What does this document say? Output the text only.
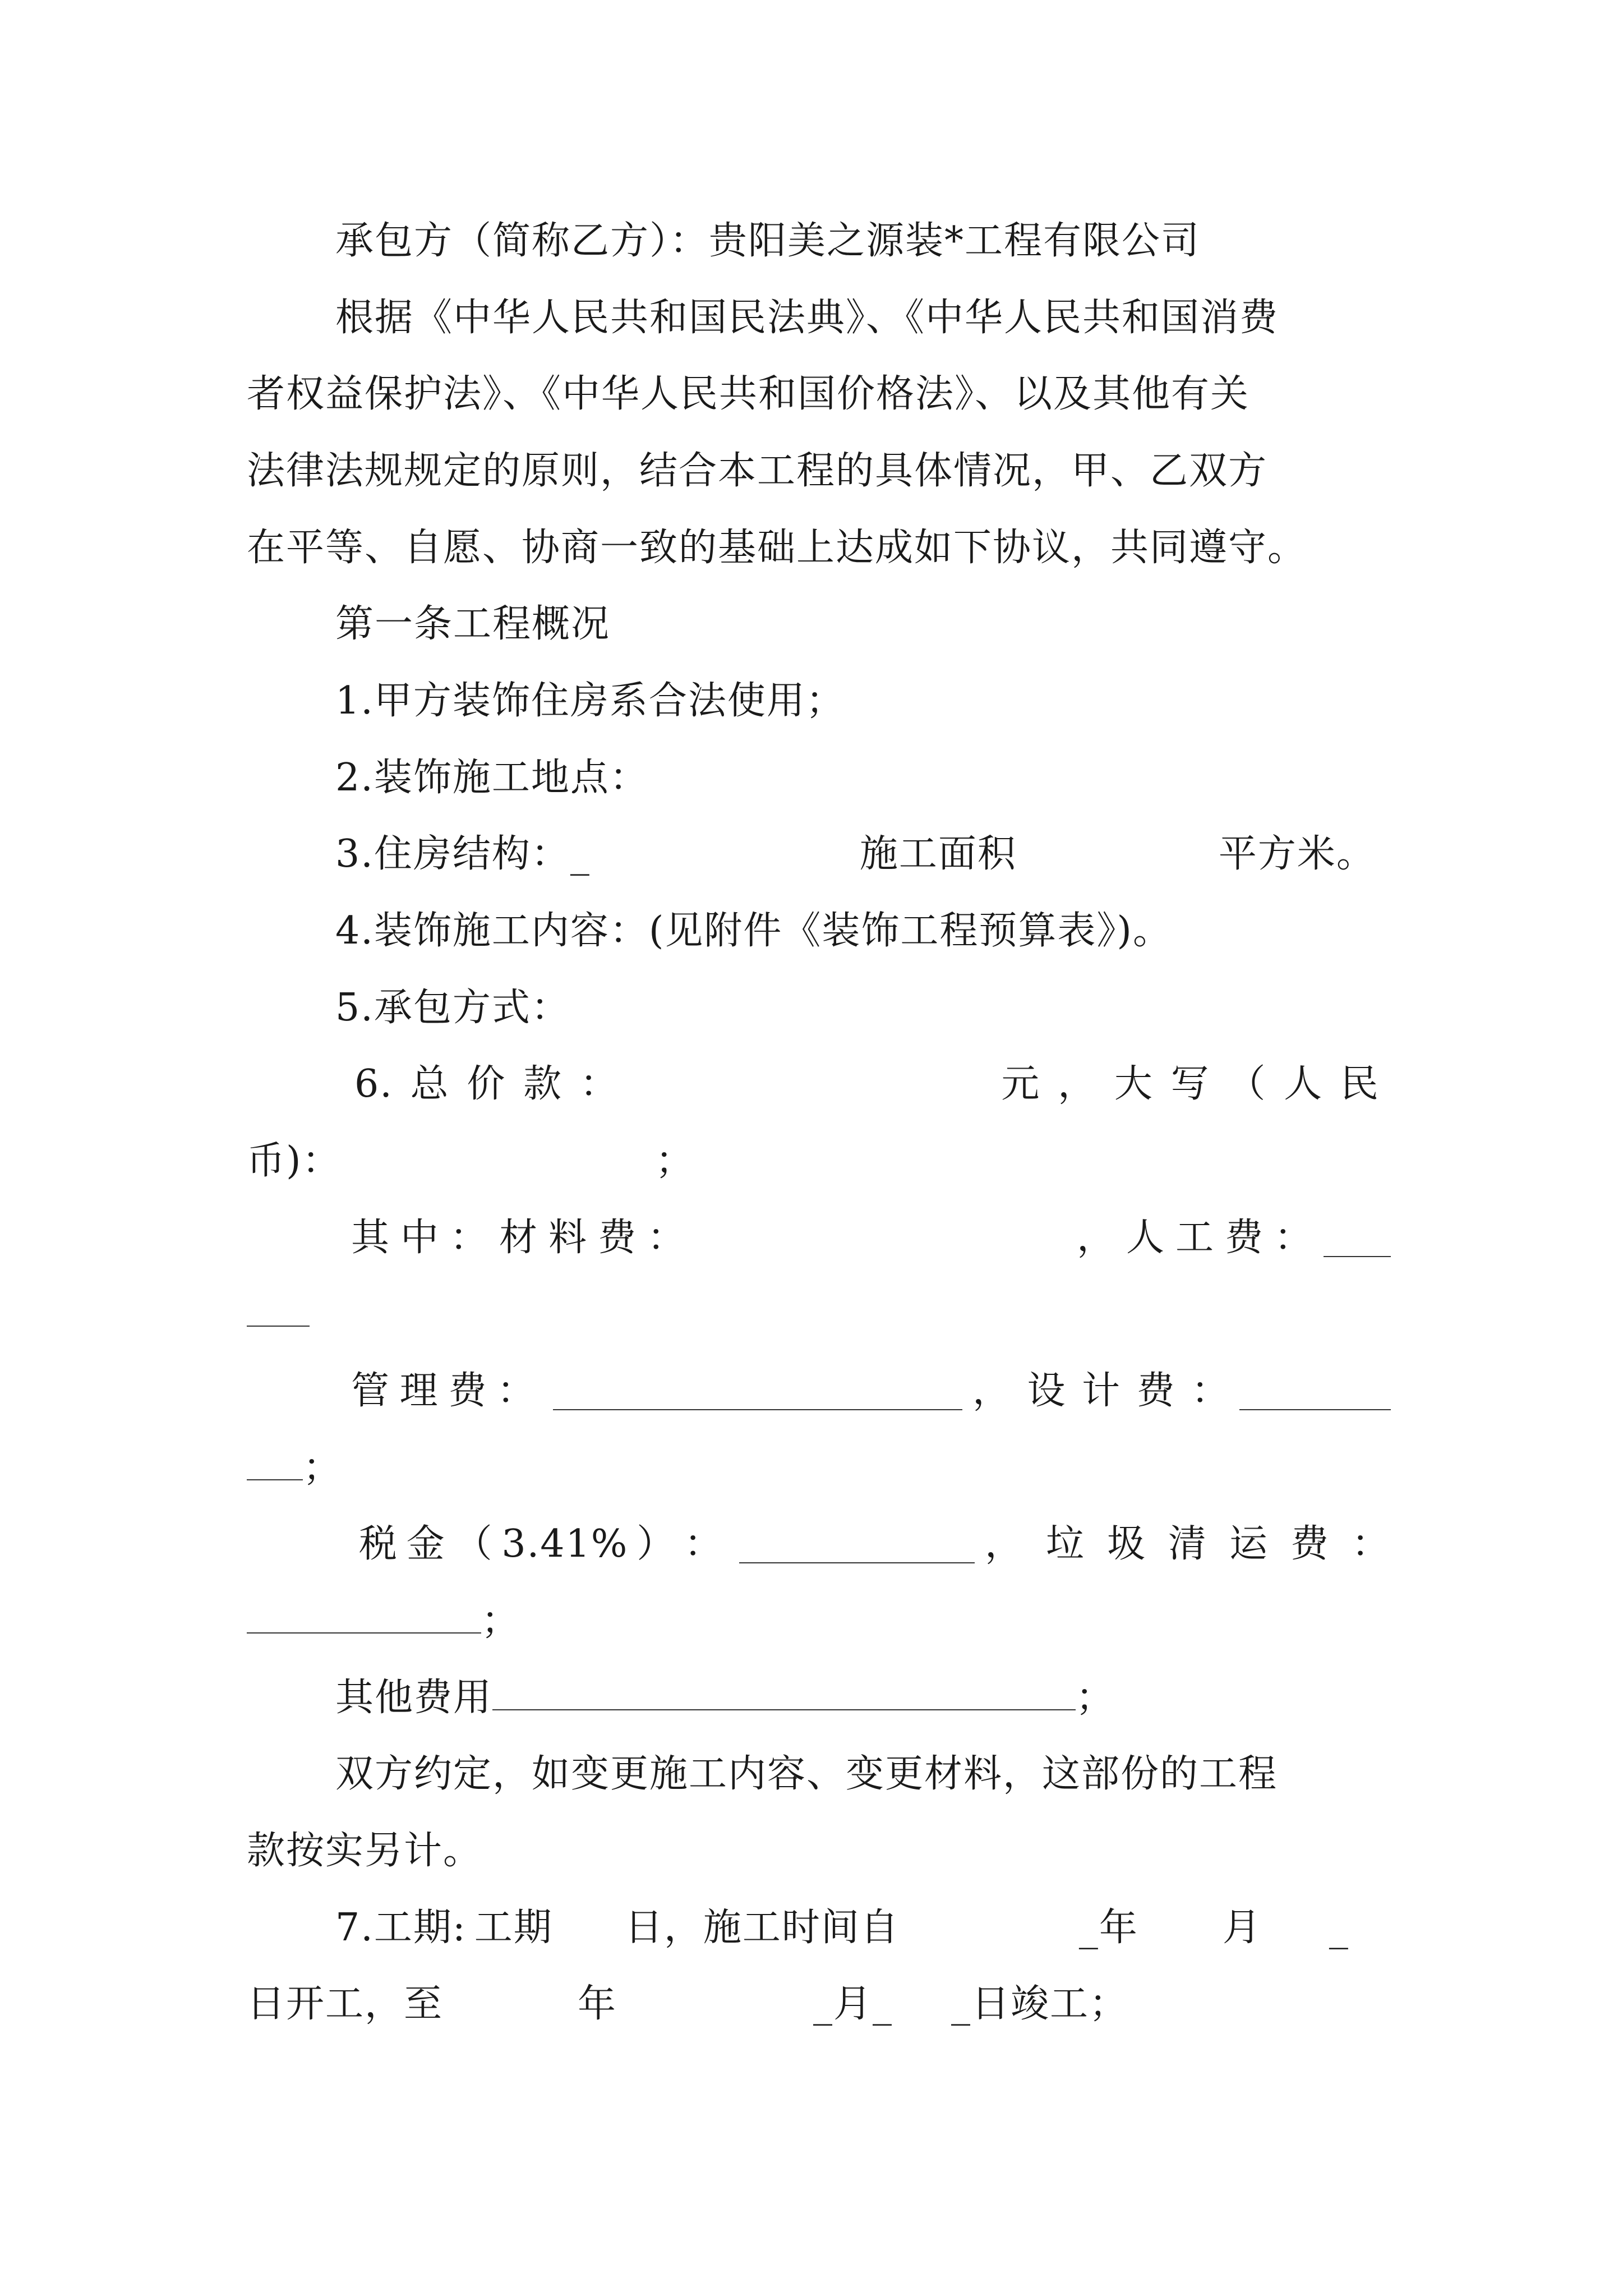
承包方（简称乙方）：贵阳美之源装*工程有限公司
根据《中华人民共和国民法典》、《中华人民共和国消费
者权益保护法》、《中华人民共和国价格法》、以及其他有关
法律法规规定的原则，结合本工程的具体情况，甲、乙双方
在平等、自愿、协商一致的基础上达成如下协议，共同遵守。
第一条工程概况
1.甲方装饰住房系合法使用；
2.装饰施工地点：
3.住房结构：_	施工面积	平方米。
4.装饰施工内容：(见附件《装饰工程预算表》)。
5.承包方式：
6. 总 价 款 ：	元 ， 大 写 （ 人 民
币)：	；
其 中 ： 材 料 费 ：	， 人 工 费 ：
管 理 费 ：	， 设 计 费 ：
；
税 金 （ 3.41% ） ：	， 垃 圾 清 运 费 ：
；
其他费用	；
双方约定，如变更施工内容、变更材料，这部份的工程
款按实另计。
7.工期: 工期 日，施工时间自	_年 月 _
日开工，至	年	_月_ _日竣工；
